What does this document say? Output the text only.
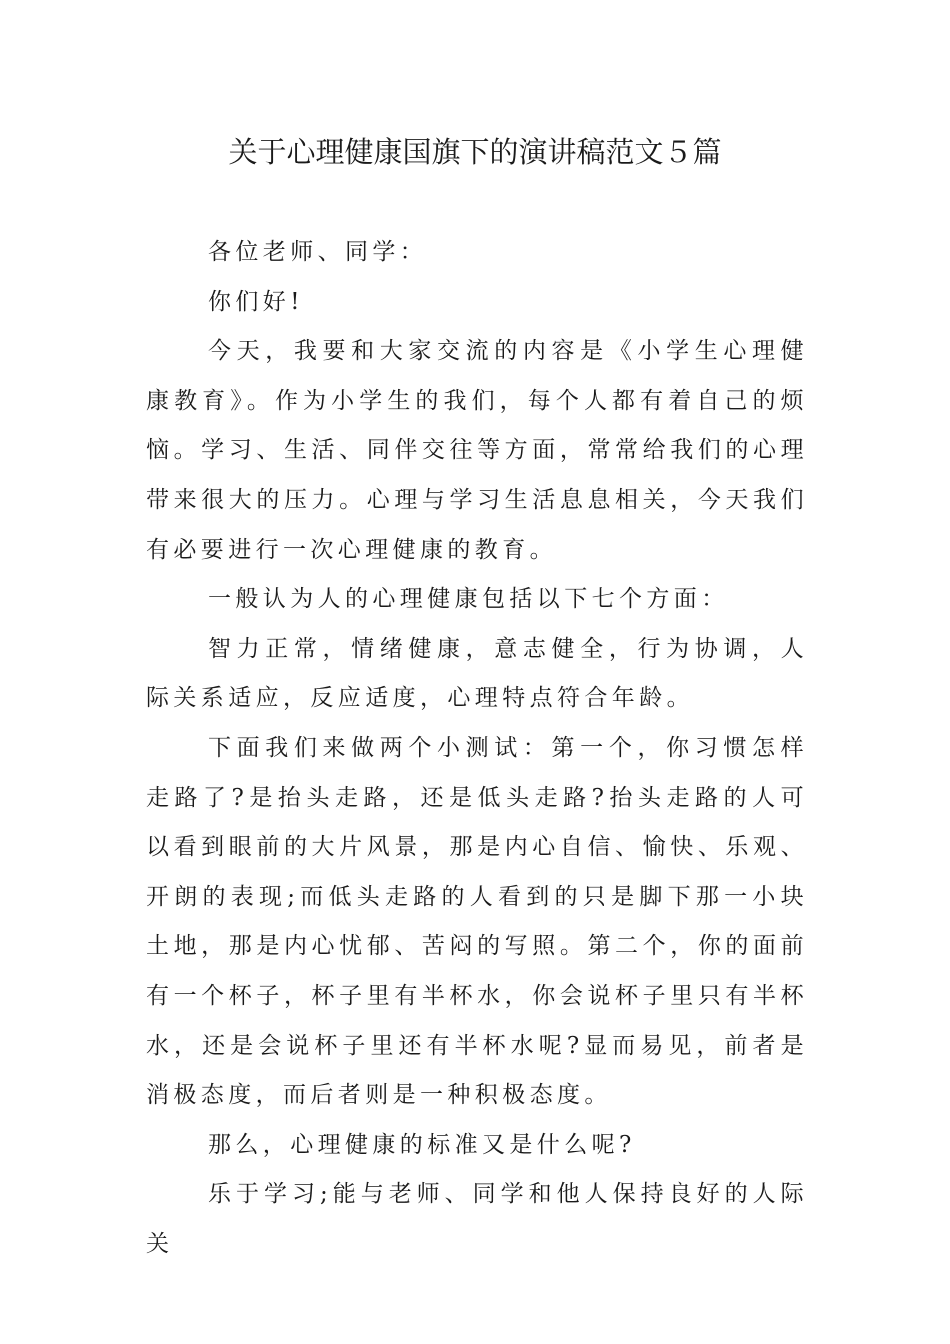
关于心理健康国旗下的演讲稿范文５篇

各位老师、同学：

你们好!

今天，我要和大家交流的内容是《小学生心理健康教育》。作为小学生的我们，每个人都有着自己的烦恼。学习、生活、同伴交往等方面，常常给我们的心理带来很大的压力。心理与学习生活息息相关，今天我们有必要进行一次心理健康的教育。

一般认为人的心理健康包括以下七个方面：

智力正常，情绪健康，意志健全，行为协调，人际关系适应，反应适度，心理特点符合年龄。

下面我们来做两个小测试：第一个，你习惯怎样走路了?是抬头走路，还是低头走路?抬头走路的人可以看到眼前的大片风景，那是内心自信、愉快、乐观、开朗的表现;而低头走路的人看到的只是脚下那一小块土地，那是内心忧郁、苦闷的写照。第二个，你的面前有一个杯子，杯子里有半杯水，你会说杯子里只有半杯水，还是会说杯子里还有半杯水呢?显而易见，前者是消极态度，而后者则是一种积极态度。

那么，心理健康的标准又是什么呢?

乐于学习;能与老师、同学和他人保持良好的人际关
